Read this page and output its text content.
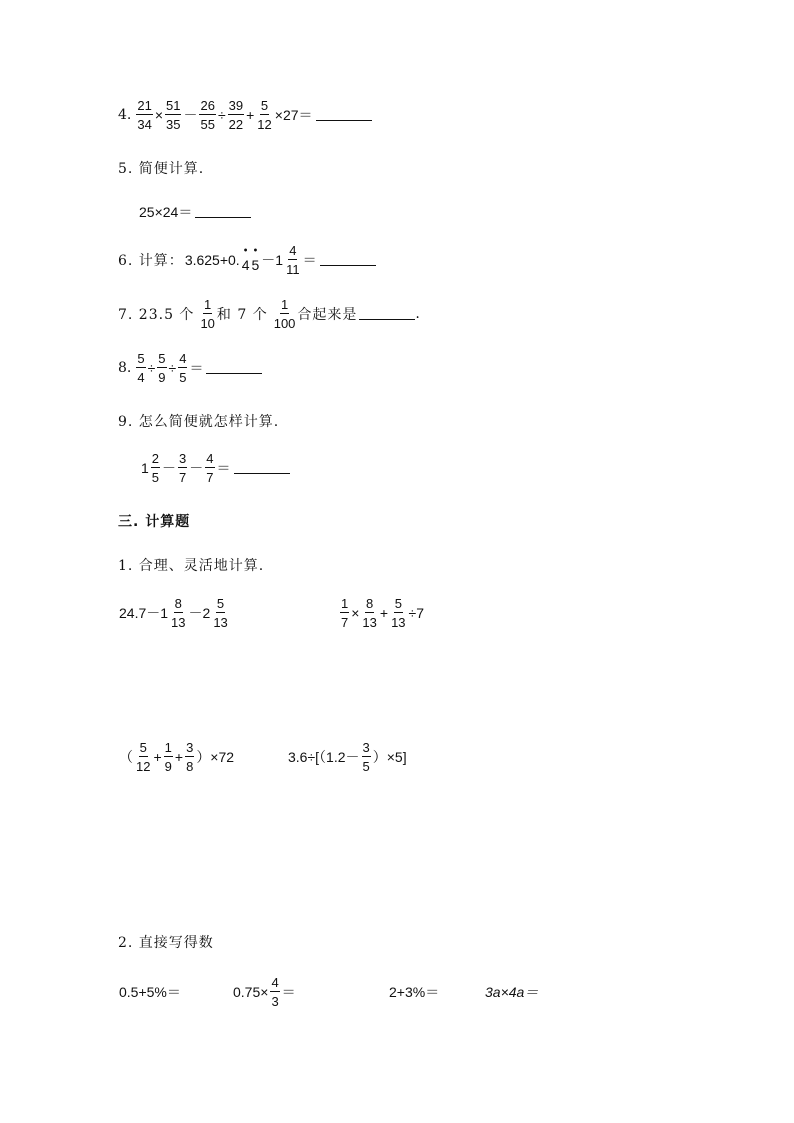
4. $\frac{21}{34} \times \frac{51}{35} - \frac{26}{55} \div \frac{39}{22} + \frac{5}{12} \times 27=$
5. 简便计算.
25×24＝
6. 计算： 3.625+0.
•
4
•
$5 -1 \frac{4}{11}$ ＝
7. 23.5 个 $\frac{1}{10}$ 和 7 个 $\frac{1}{100}$ 合起来是	.
8. $\frac{5}{4} \div \frac{5}{9} \div \frac{4}{5}$ ＝
9. 怎么简便就怎样计算.
$1 \frac{2}{5} - \frac{3}{7} - \frac{4}{7}$ ＝
三. 计算题
1. 合理、灵活地计算.
$24.7-1 \frac{8}{13} -2 \frac{5}{13}$	$\frac{1}{7} \times \frac{8}{13} + \frac{5}{13} \div 7$
（ $\frac{5}{12} + \frac{1}{9} + \frac{3}{8} )\times 72$	$3.6\div[(1.2- \frac{3}{5} )\times 5]$
2. 直接写得数
0.5+5%＝	$0.75\times \frac{4}{3}$ ＝	2+3%＝	3a×4a＝
